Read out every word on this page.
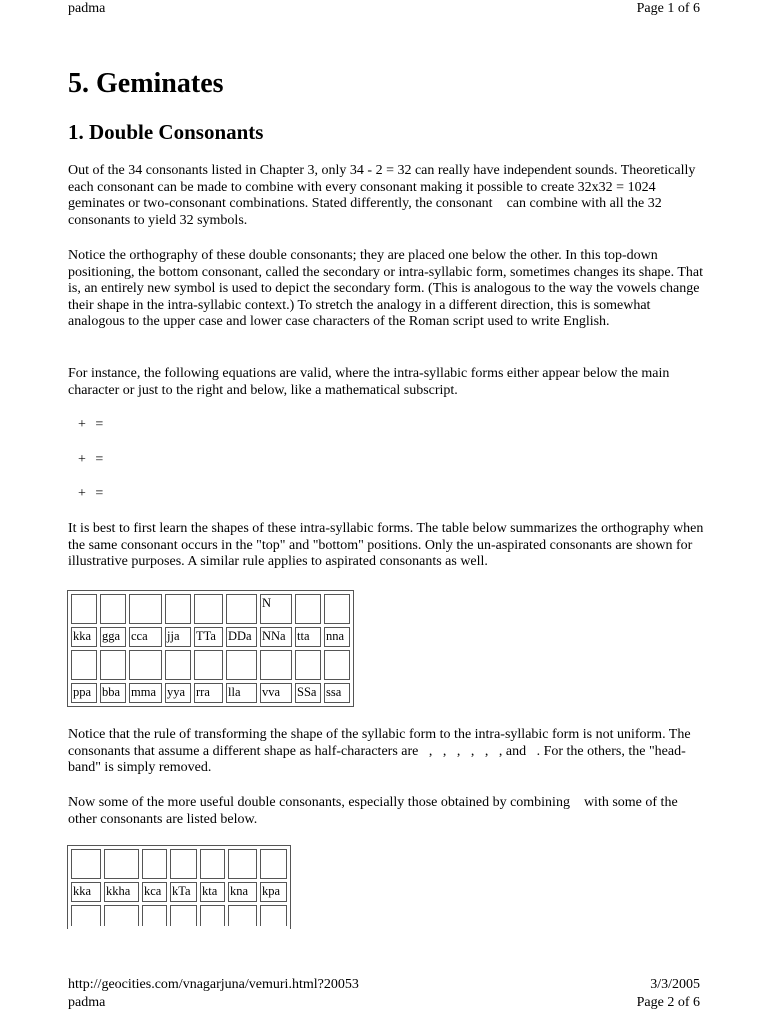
padma	Page 1 of 6
5. Geminates
1. Double Consonants

Out of the 34 consonants listed in Chapter 3, only 34 - 2 = 32 can really have independent sounds. Theoretically each consonant can be made to combine with every consonant making it possible to create 32x32 = 1024 geminates or two-consonant combinations. Stated differently, the consonant    can combine with all the 32 consonants to yield 32 symbols.

Notice the orthography of these double consonants; they are placed one below the other. In this top-down positioning, the bottom consonant, called the secondary or intra-syllabic form, sometimes changes its shape. That is, an entirely new symbol is used to depict the secondary form. (This is analogous to the way the vowels change their shape in the intra-syllabic context.) To stretch the analogy in a different direction, this is somewhat analogous to the upper case and lower case characters of the Roman script used to write English.

For instance, the following equations are valid, where the intra-syllabic forms either appear below the main character or just to the right and below, like a mathematical subscript.

+ =
+ =
+ =

It is best to first learn the shapes of these intra-syllabic forms. The table below summarizes the orthography when the same consonant occurs in the "top" and "bottom" positions. Only the un-aspirated consonants are shown for illustrative purposes. A similar rule applies to aspirated consonants as well.

						N		
kka	gga	cca	jja	TTa	DDa	NNa	tta	nna

ppa	bba	mma	yya	rra	lla	vva	SSa	ssa

Notice that the rule of transforming the shape of the syllabic form to the intra-syllabic form is not uniform. The consonants that assume a different shape as half-characters are   ,   ,   ,   ,   ,   , and   . For the others, the "head-band" is simply removed.

Now some of the more useful double consonants, especially those obtained by combining    with some of the other consonants are listed below.

kka	kkha	kca	kTa	kta	kna	kpa

http://geocities.com/vnagarjuna/vemuri.html?20053	3/3/2005
padma	Page 2 of 6
